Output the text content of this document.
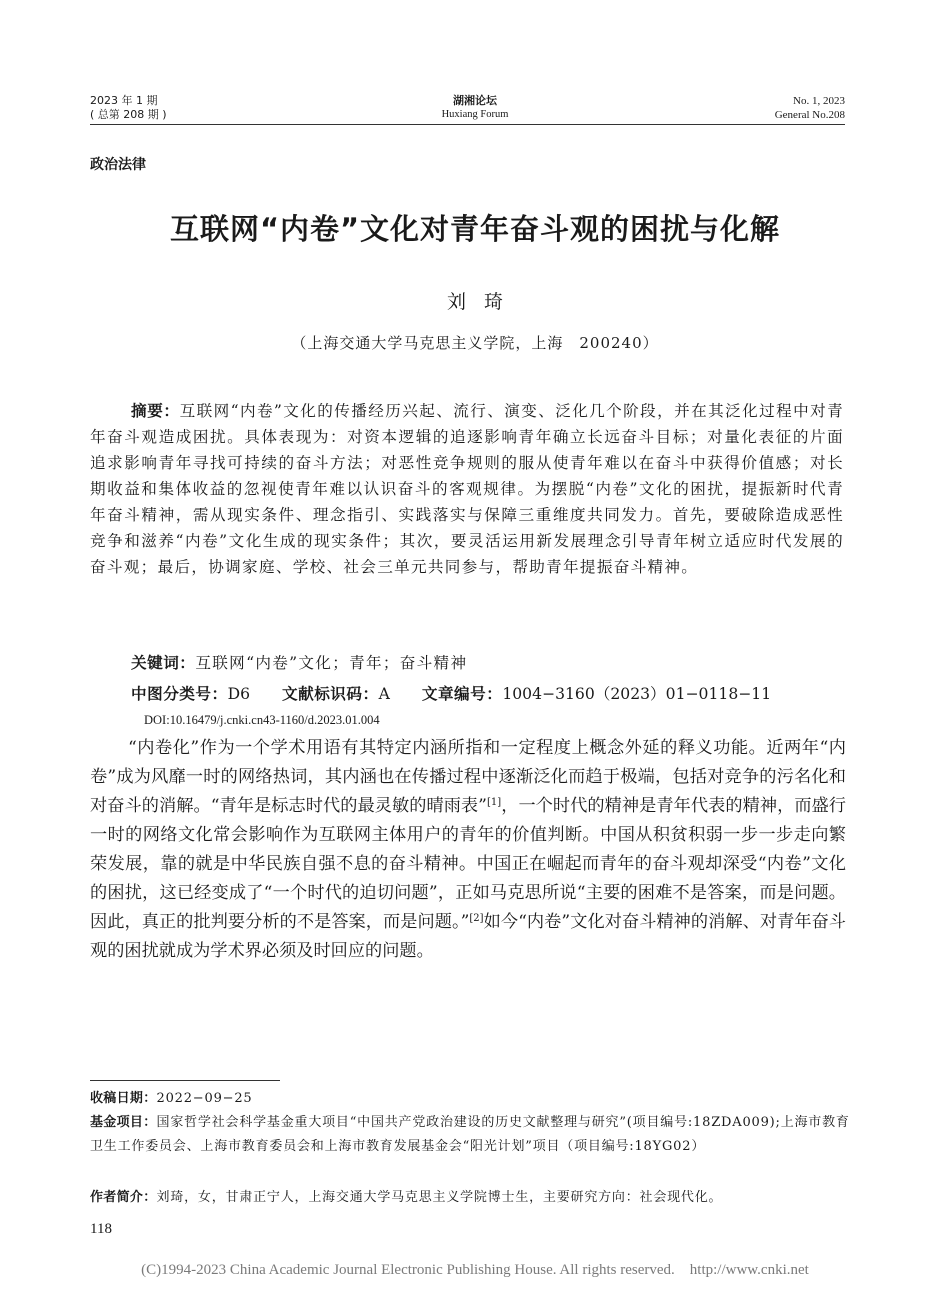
2023 年 1 期
( 总第 208 期 )
湖湘论坛
Huxiang Forum
No. 1, 2023
General No.208
政治法律
互联网“内卷”文化对青年奋斗观的困扰与化解
刘琦
（上海交通大学马克思主义学院，上海　200240）

摘要：互联网“内卷”文化的传播经历兴起、流行、演变、泛化几个阶段，并在其泛化过程中对青年奋斗观造成困扰。具体表现为：对资本逻辑的追逐影响青年确立长远奋斗目标；对量化表征的片面追求影响青年寻找可持续的奋斗方法；对恶性竞争规则的服从使青年难以在奋斗中获得价值感；对长期收益和集体收益的忽视使青年难以认识奋斗的客观规律。为摆脱“内卷”文化的困扰，提振新时代青年奋斗精神，需从现实条件、理念指引、实践落实与保障三重维度共同发力。首先，要破除造成恶性竞争和滋养“内卷”文化生成的现实条件；其次，要灵活运用新发展理念引导青年树立适应时代发展的奋斗观；最后，协调家庭、学校、社会三单元共同参与，帮助青年提振奋斗精神。

关键词：互联网“内卷”文化；青年；奋斗精神
中图分类号：D6 文献标识码：A 文章编号：1004−3160（2023）01−0118−11
DOI:10.16479/j.cnki.cn43-1160/d.2023.01.004

“内卷化”作为一个学术用语有其特定内涵所指和一定程度上概念外延的释义功能。近两年“内卷”成为风靡一时的网络热词，其内涵也在传播过程中逐渐泛化而趋于极端，包括对竞争的污名化和对奋斗的消解。“青年是标志时代的最灵敏的晴雨表”[1]，一个时代的精神是青年代表的精神，而盛行一时的网络文化常会影响作为互联网主体用户的青年的价值判断。中国从积贫积弱一步一步走向繁荣发展，靠的就是中华民族自强不息的奋斗精神。中国正在崛起而青年的奋斗观却深受“内卷”文化的困扰，这已经变成了“一个时代的迫切问题”，正如马克思所说“主要的困难不是答案，而是问题。因此，真正的批判要分析的不是答案，而是问题。”[2]如今“内卷”文化对奋斗精神的消解、对青年奋斗观的困扰就成为学术界必须及时回应的问题。

收稿日期：2022−09−25
基金项目：国家哲学社会科学基金重大项目“中国共产党政治建设的历史文献整理与研究”(项目编号:18ZDA009);上海市教育卫生工作委员会、上海市教育委员会和上海市教育发展基金会“阳光计划”项目（项目编号:18YG02）
作者简介：刘琦，女，甘肃正宁人，上海交通大学马克思主义学院博士生，主要研究方向：社会现代化。
118
(C)1994-2023 China Academic Journal Electronic Publishing House. All rights reserved.　http://www.cnki.net
